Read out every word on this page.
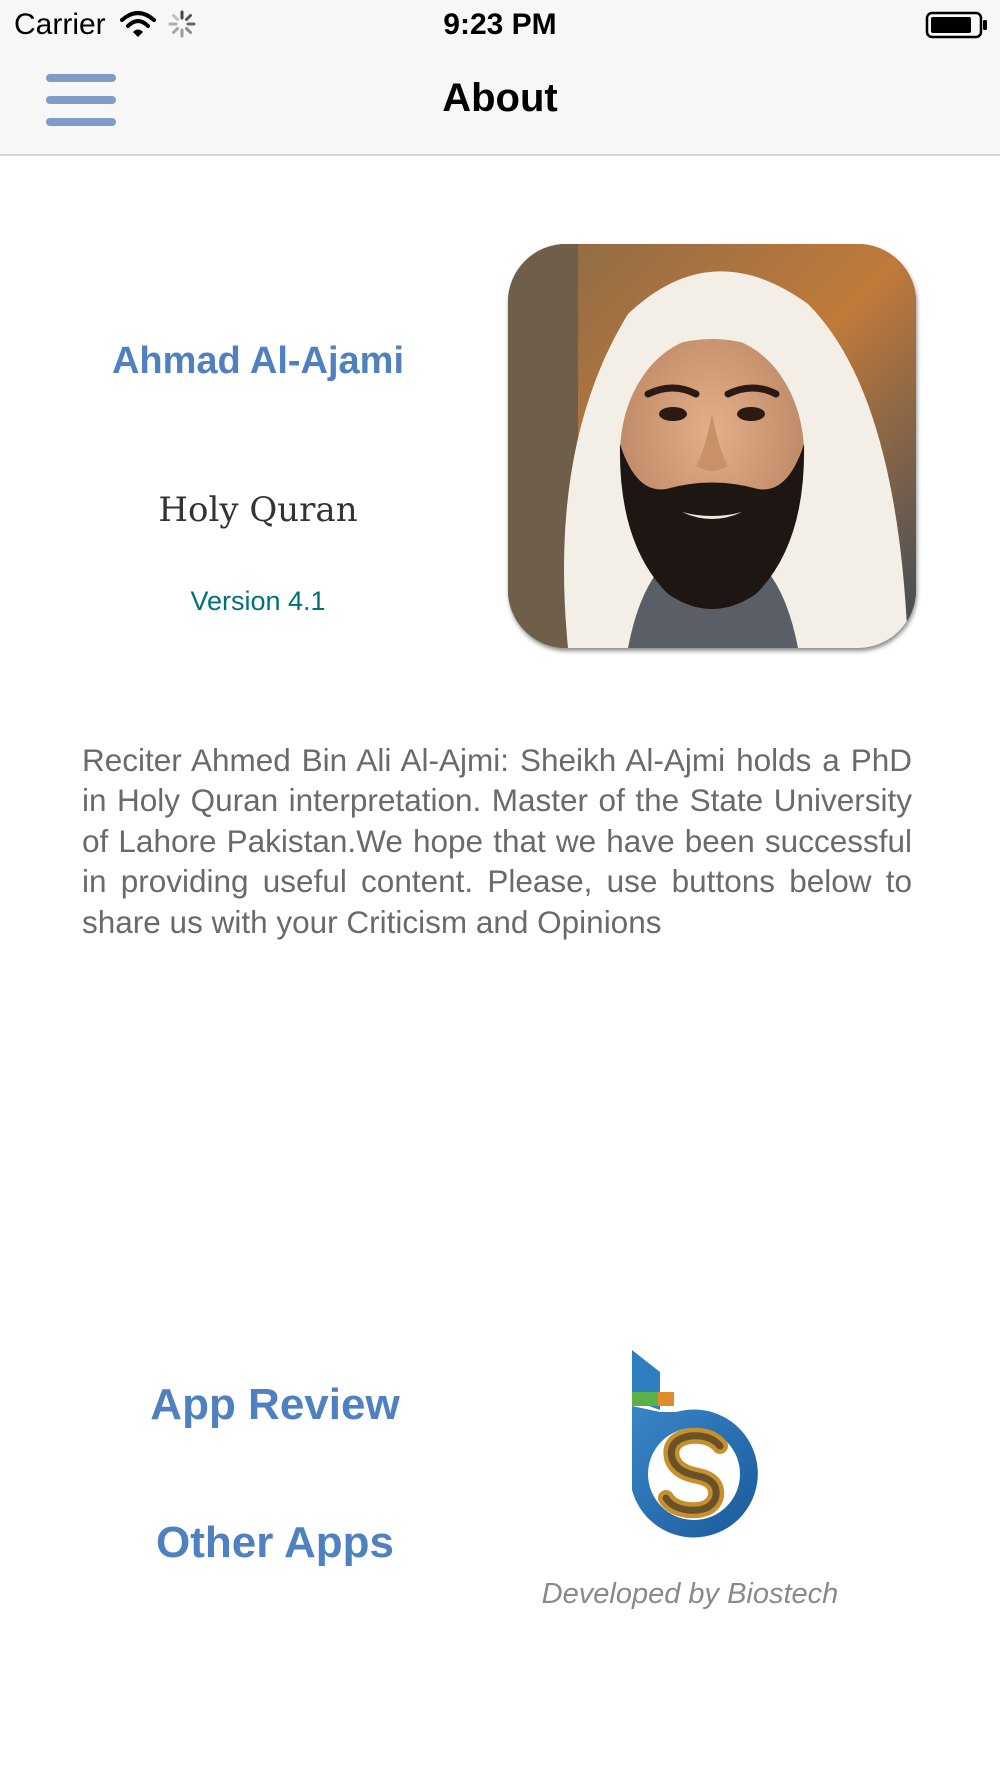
Carrier	9:23 PM
About
Ahmad Al-Ajami
Holy Quran
Version 4.1
Reciter Ahmed Bin Ali Al-Ajmi: Sheikh Al-Ajmi holds a PhD in Holy Quran interpretation. Master of the State University of Lahore Pakistan.We hope that we have been successful in providing useful content. Please, use buttons below to share us with your Criticism and Opinions
App Review
Other Apps
Developed by Biostech
